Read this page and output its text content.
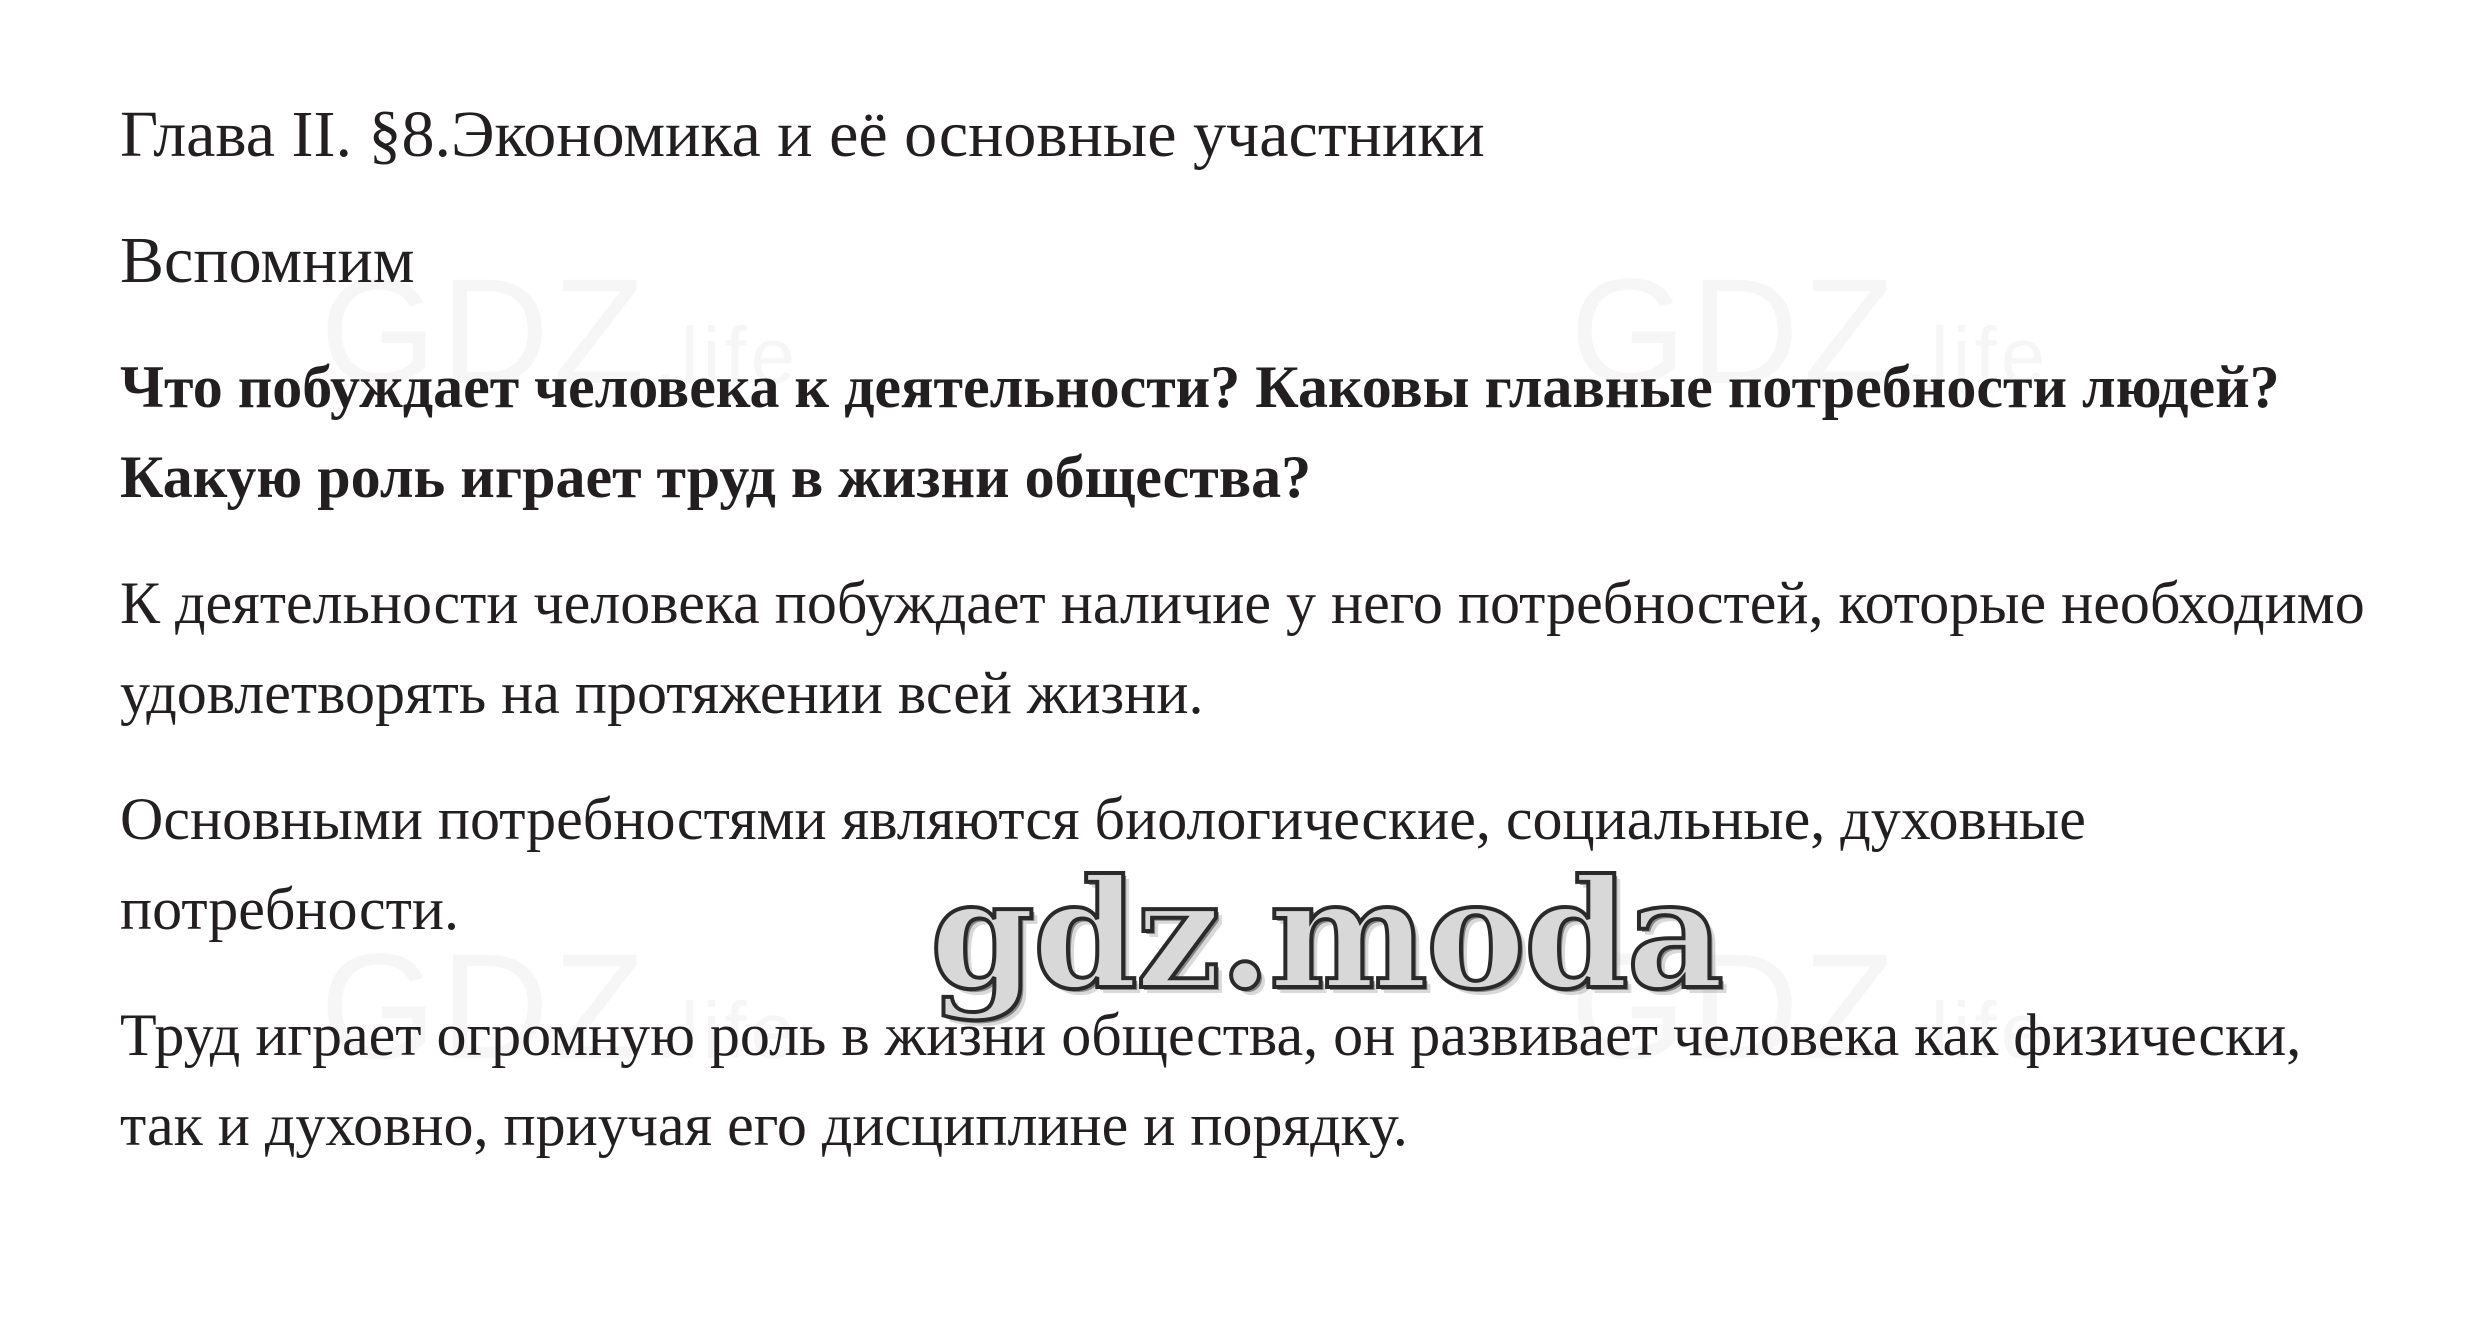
Глава II. §8.Экономика и её основные участники
Вспомним

Что побуждает человека к деятельности? Каковы главные потребности людей? Какую роль играет труд в жизни общества?

К деятельности человека побуждает наличие у него потребностей, которые необходимо удовлетворять на протяжении всей жизни.

Основными потребностями являются биологические, социальные, духовные потребности.

Труд играет огромную роль в жизни общества, он развивает человека как физически, так и духовно, приучая его дисциплине и порядку.

gdz.moda
